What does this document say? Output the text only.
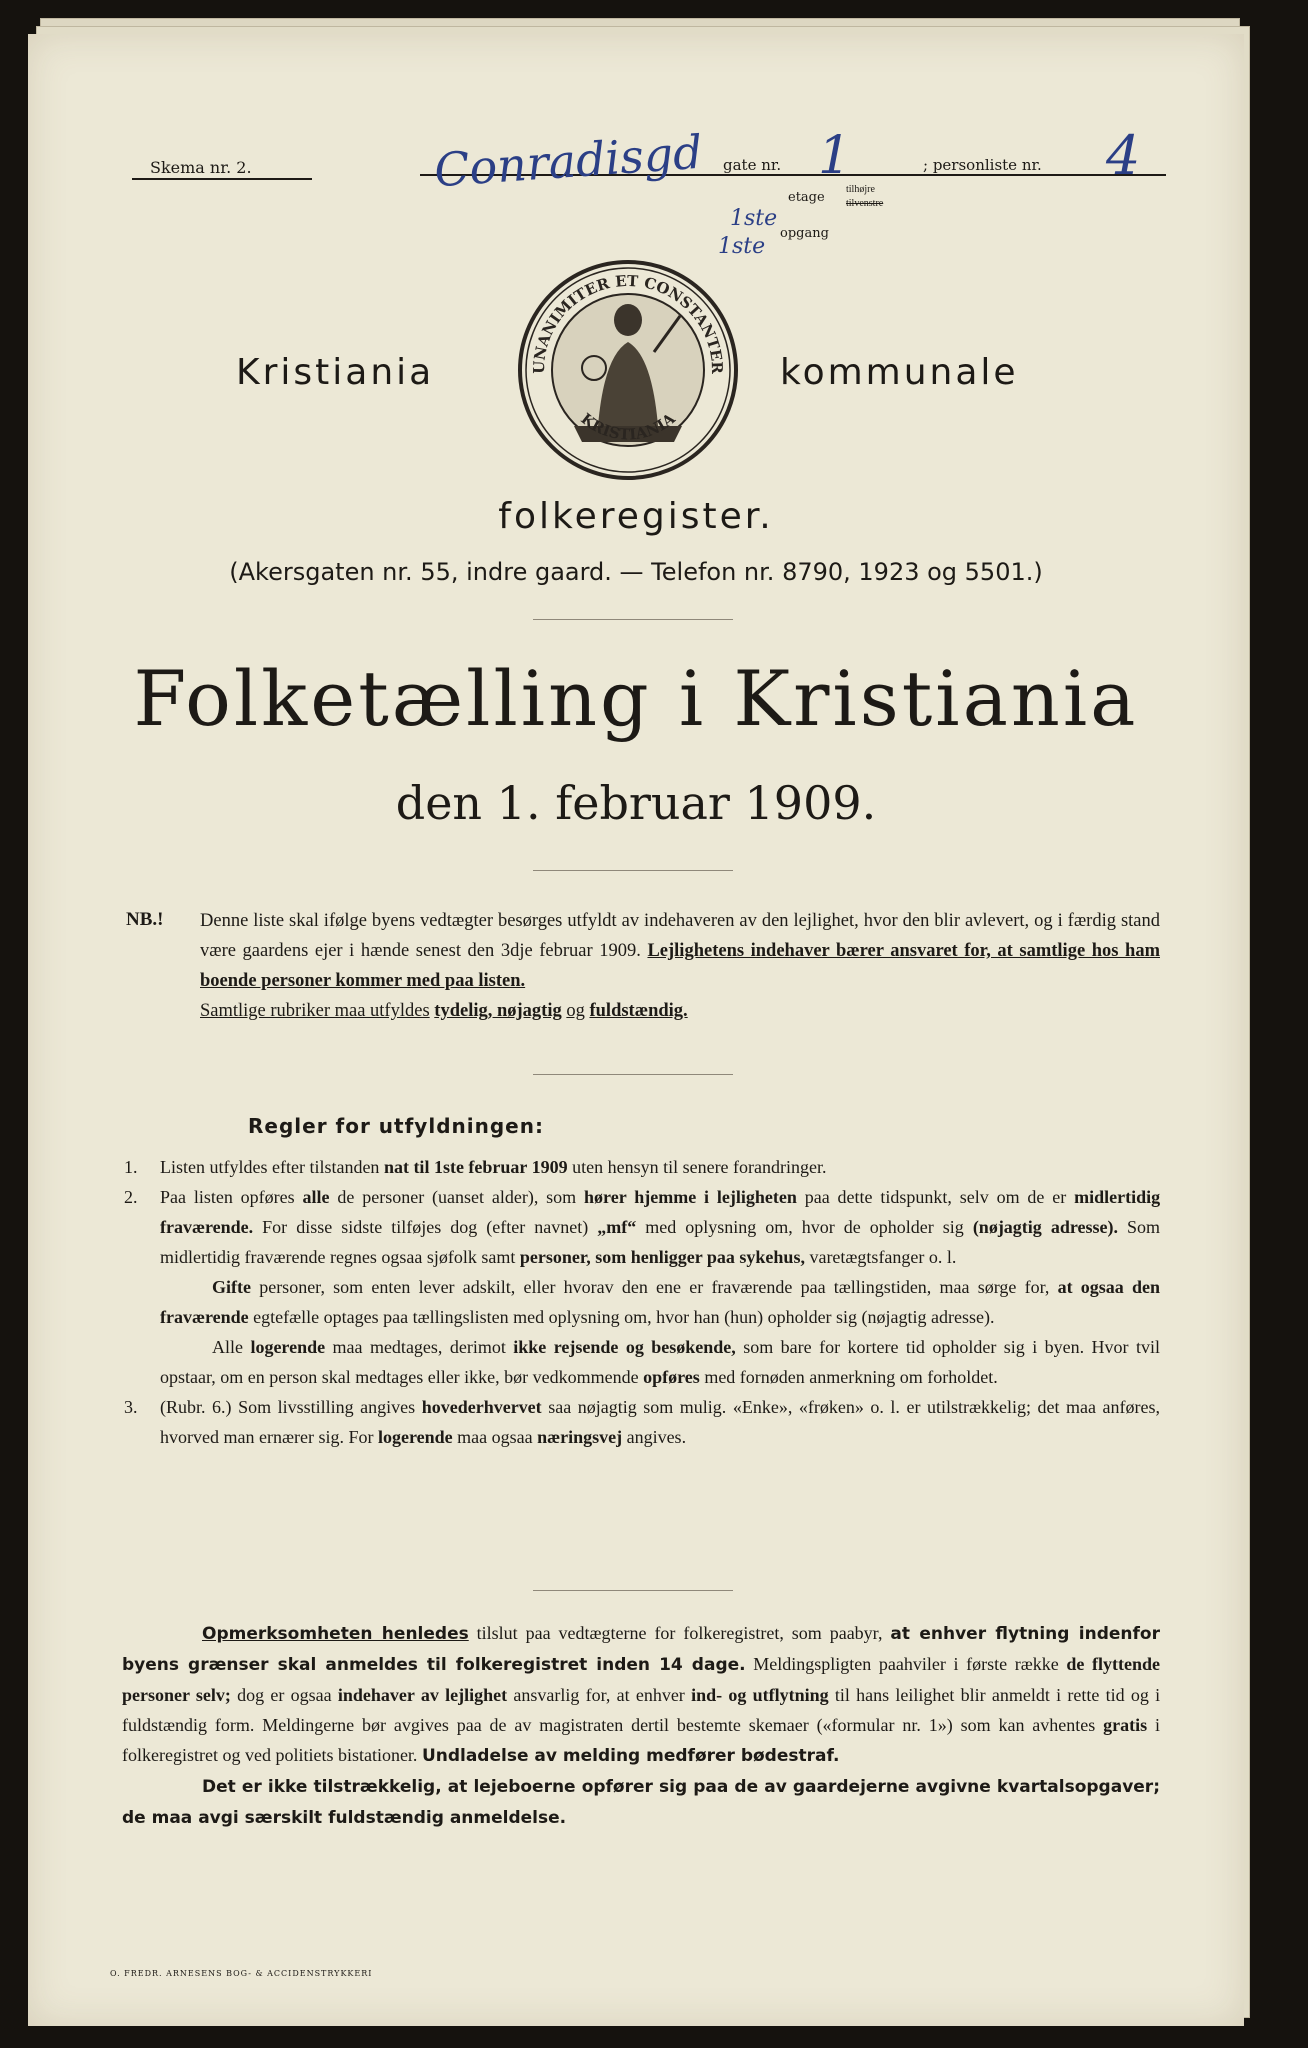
Skema nr. 2.	Conradisgd gate nr. 1	; personliste nr. 4
1ste
etage
tilhøjre
tilvenstre
1ste
opgang
UNANIMITER ET CONSTANTER
KRISTIANIA
Kristiania	kommunale
folkeregister.
(Akersgaten nr. 55, indre gaard. — Telefon nr. 8790, 1923 og 5501.)
Folketælling i Kristiania
den 1. februar 1909.
NB.! Denne liste skal ifølge byens vedtægter besørges utfyldt av indehaveren av den lejlighet, hvor den blir avlevert, og i færdig stand være gaardens ejer i hænde senest den 3dje februar 1909. Lejlighetens indehaver bærer ansvaret for, at samtlige hos ham boende personer kommer med paa listen.
Samtlige rubriker maa utfyldes tydelig, nøjagtig og fuldstændig.
Regler for utfyldningen:
1. Listen utfyldes efter tilstanden nat til 1ste februar 1909 uten hensyn til senere forandringer.

2. Paa listen opføres alle de personer (uanset alder), som hører hjemme i lejligheten paa dette tidspunkt, selv om de er midlertidig fraværende. For disse sidste tilføjes dog (efter navnet) „mf“ med oplysning om, hvor de opholder sig (nøjagtig adresse). Som midlertidig fraværende regnes ogsaa sjøfolk samt personer, som henligger paa sykehus, varetægtsfanger o. l.

Gifte personer, som enten lever adskilt, eller hvorav den ene er fraværende paa tællingstiden, maa sørge for, at ogsaa den fraværende egtefælle optages paa tællingslisten med oplysning om, hvor han (hun) opholder sig (nøjagtig adresse).

Alle logerende maa medtages, derimot ikke rejsende og besøkende, som bare for kortere tid opholder sig i byen. Hvor tvil opstaar, om en person skal medtages eller ikke, bør vedkommende opføres med fornøden anmerkning om forholdet.

3. (Rubr. 6.) Som livsstilling angives hovederhvervet saa nøjagtig som mulig. «Enke», «frøken» o. l. er utilstrækkelig; det maa anføres, hvorved man ernærer sig. For logerende maa ogsaa næringsvej angives.

Opmerksomheten henledes tilslut paa vedtægterne for folkeregistret, som paabyr, at enhver flytning indenfor byens grænser skal anmeldes til folkeregistret inden 14 dage. Meldingspligten paahviler i første række de flyttende personer selv; dog er ogsaa indehaver av lejlighet ansvarlig for, at enhver ind- og utflytning til hans leilighet blir anmeldt i rette tid og i fuldstændig form. Meldingerne bør avgives paa de av magistraten dertil bestemte skemaer («formular nr. 1») som kan avhentes gratis i folkeregistret og ved politiets bistationer. Undladelse av melding medfører bødestraf.

Det er ikke tilstrækkelig, at lejeboerne opfører sig paa de av gaardejerne avgivne kvartalsopgaver; de maa avgi særskilt fuldstændig anmeldelse.

O. FREDR. ARNESENS BOG- & ACCIDENSTRYKKERI
